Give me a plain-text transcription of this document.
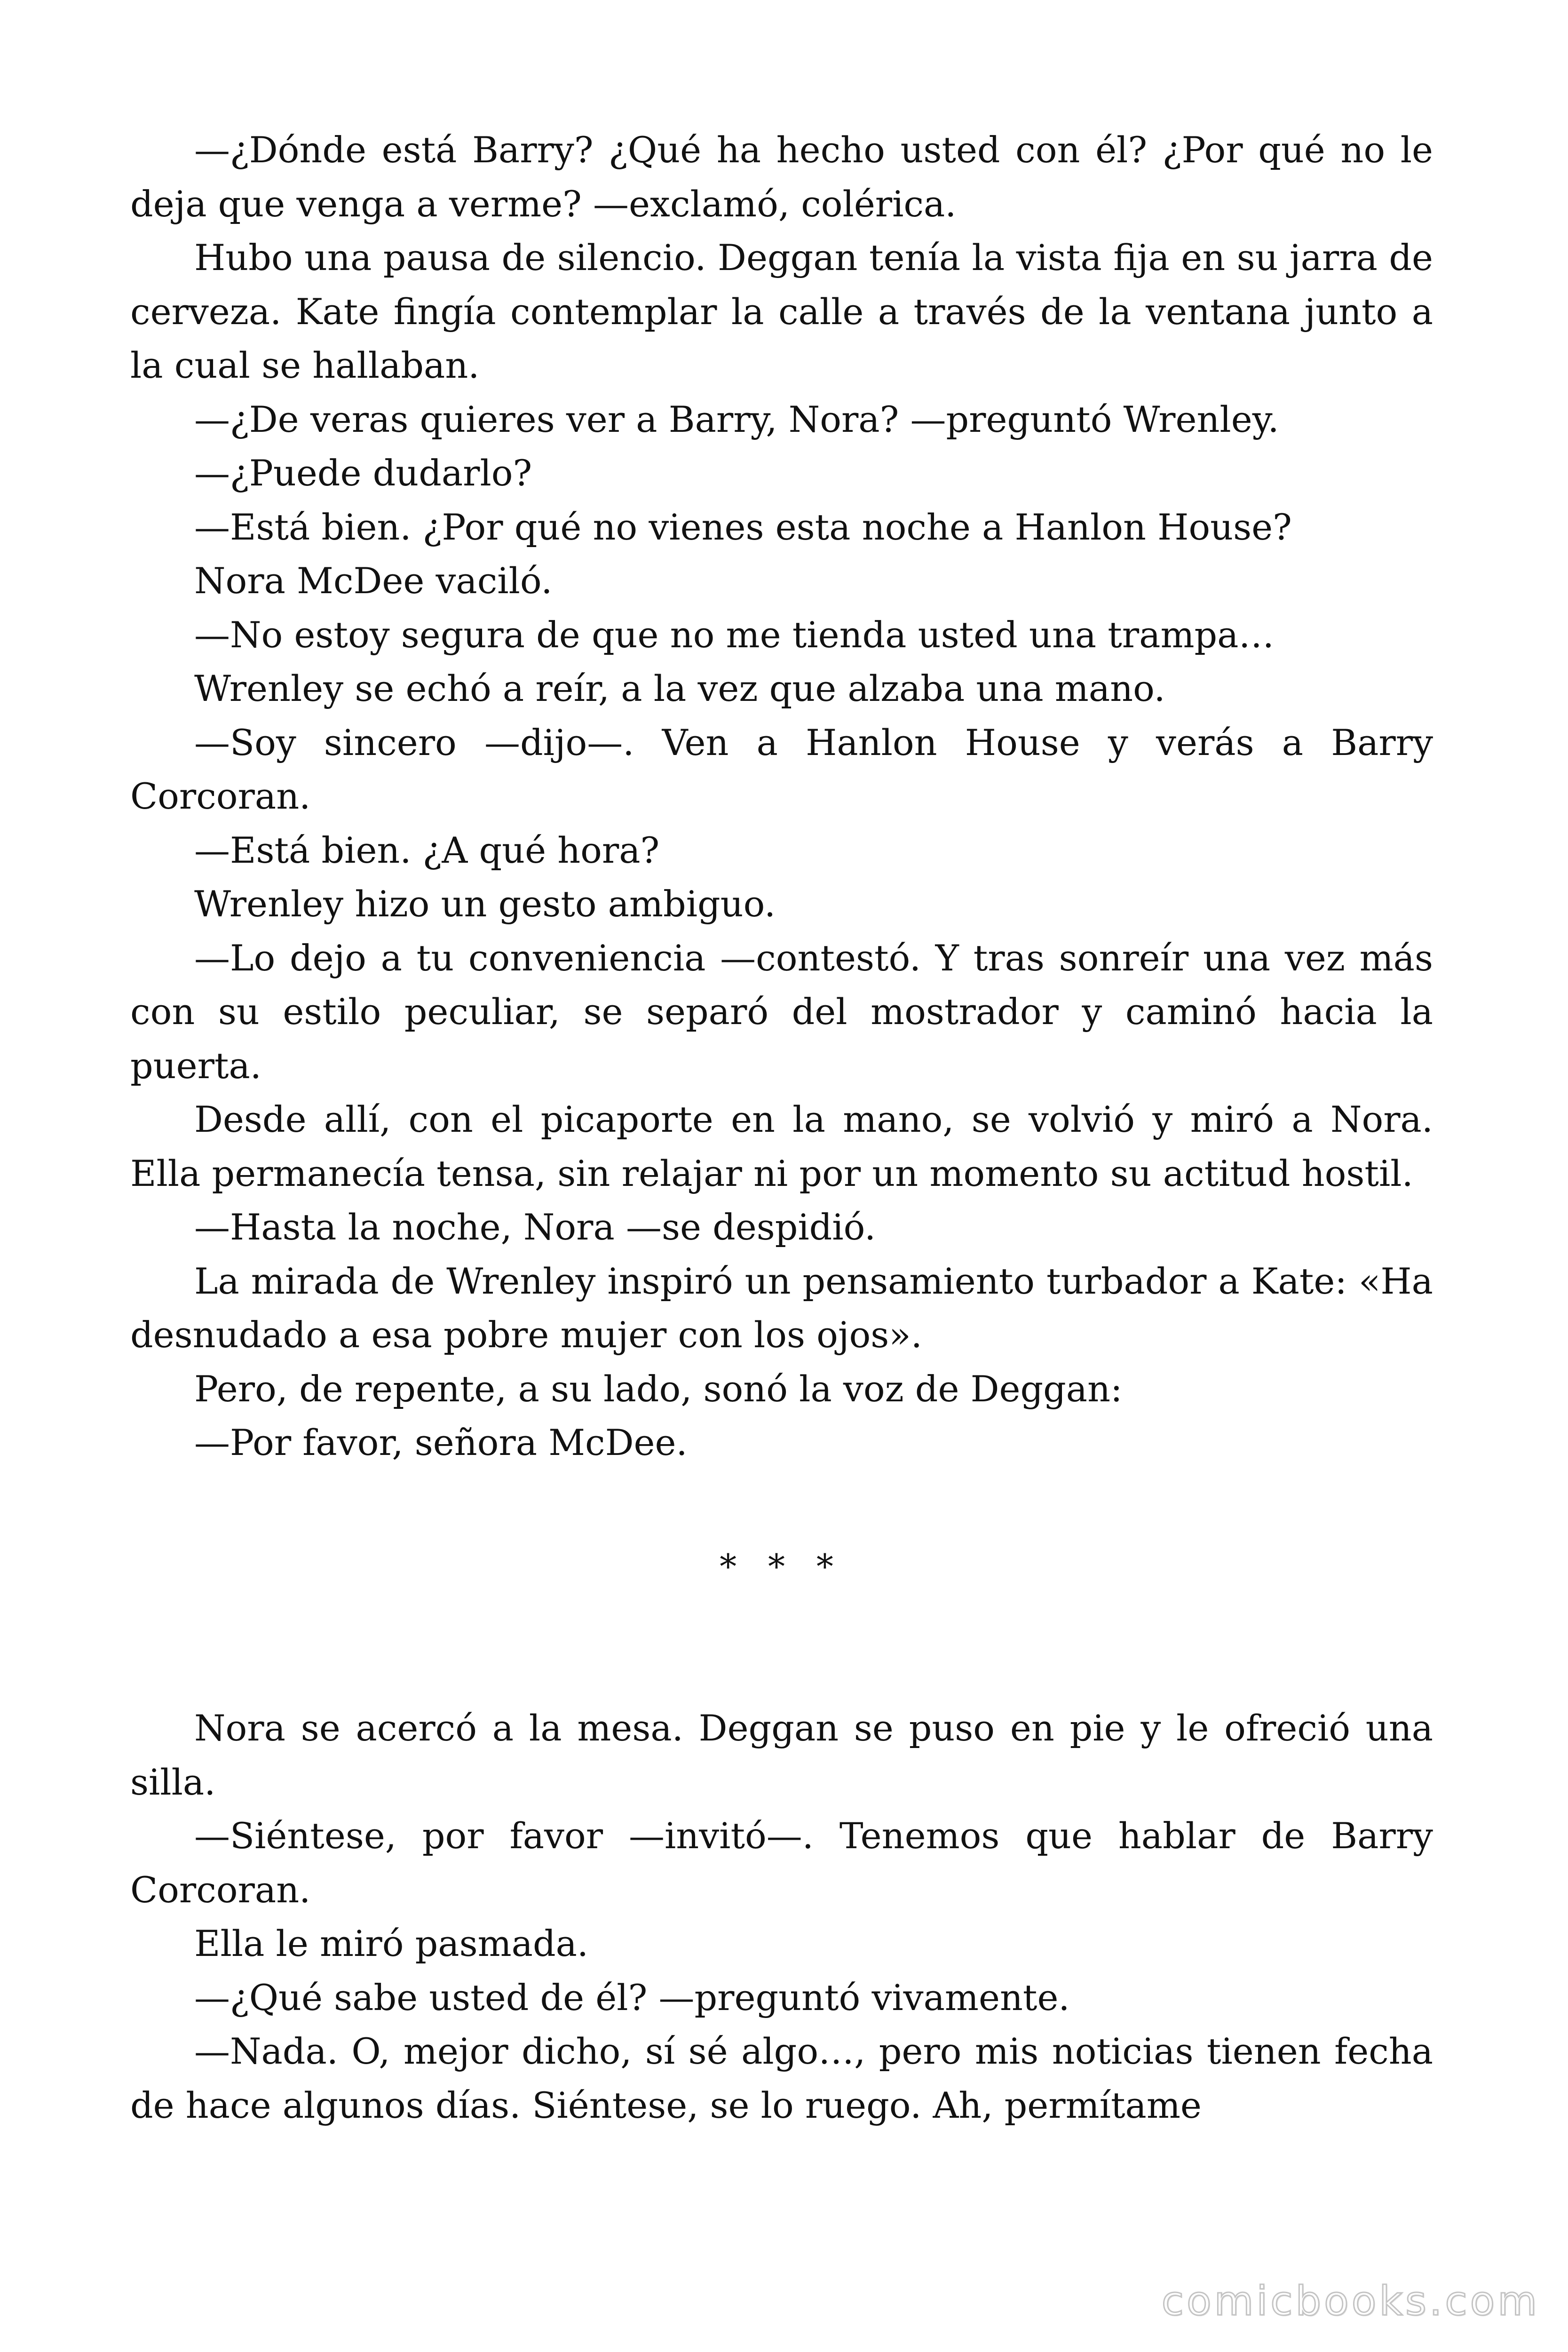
—¿Dónde está Barry? ¿Qué ha hecho usted con él? ¿Por qué no le deja que venga a verme? —exclamó, colérica.

Hubo una pausa de silencio. Deggan tenía la vista fija en su jarra de cerveza. Kate fingía contemplar la calle a través de la ventana junto a la cual se hallaban.

—¿De veras quieres ver a Barry, Nora? —preguntó Wrenley.

—¿Puede dudarlo?

—Está bien. ¿Por qué no vienes esta noche a Hanlon House?

Nora McDee vaciló.

—No estoy segura de que no me tienda usted una trampa…

Wrenley se echó a reír, a la vez que alzaba una mano.

—Soy sincero —dijo—. Ven a Hanlon House y verás a Barry Corcoran.

—Está bien. ¿A qué hora?

Wrenley hizo un gesto ambiguo.

—Lo dejo a tu conveniencia —contestó. Y tras sonreír una vez más con su estilo peculiar, se separó del mostrador y caminó hacia la puerta.

Desde allí, con el picaporte en la mano, se volvió y miró a Nora. Ella permanecía tensa, sin relajar ni por un momento su actitud hostil.

—Hasta la noche, Nora —se despidió.

La mirada de Wrenley inspiró un pensamiento turbador a Kate: «Ha desnudado a esa pobre mujer con los ojos».

Pero, de repente, a su lado, sonó la voz de Deggan:

—Por favor, señora McDee.

* * *

Nora se acercó a la mesa. Deggan se puso en pie y le ofreció una silla.

—Siéntese, por favor —invitó—. Tenemos que hablar de Barry Corcoran.

Ella le miró pasmada.

—¿Qué sabe usted de él? —preguntó vivamente.

—Nada. O, mejor dicho, sí sé algo…, pero mis noticias tienen fecha de hace algunos días. Siéntese, se lo ruego. Ah, permítame

comicbooks.com
